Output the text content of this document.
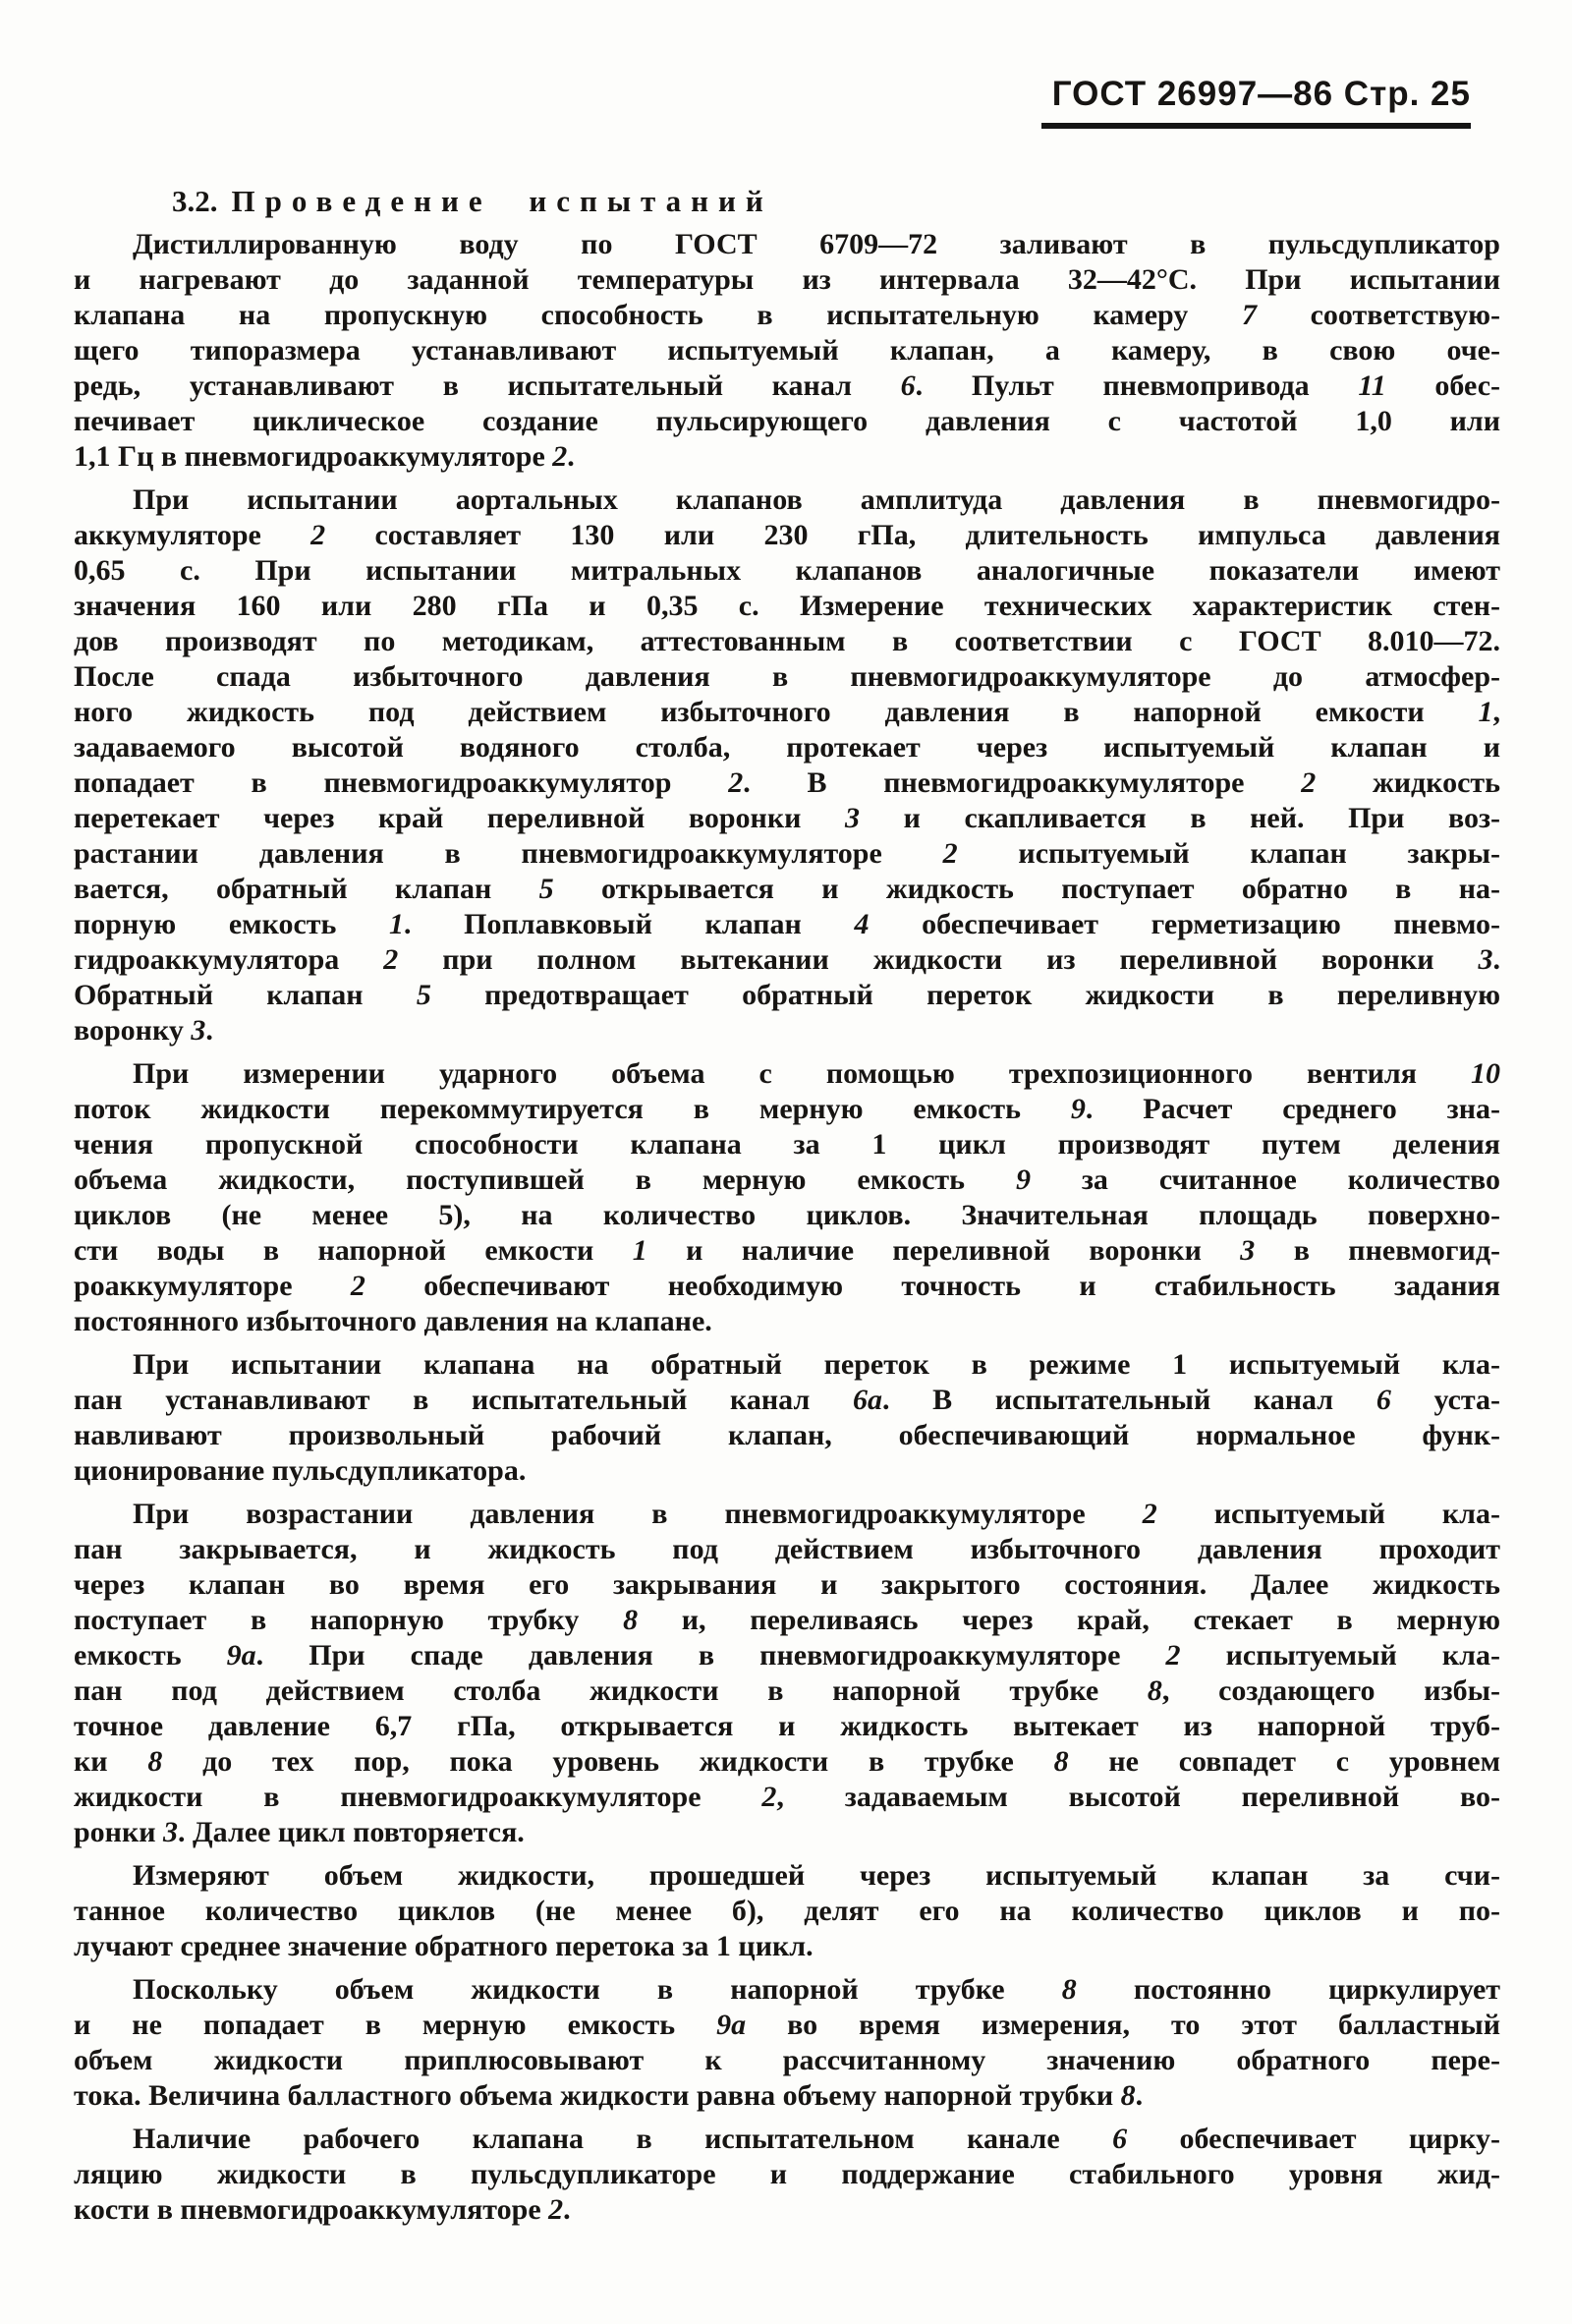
ГОСТ 26997—86 Стр. 25
3.2. Проведение испытаний
Дистиллированную воду по ГОСТ 6709—72 заливают в пульсдупликатор
и нагревают до заданной температуры из интервала 32—42°С. При испытании
клапана на пропускную способность в испытательную камеру 7 соответствую-
щего типоразмера устанавливают испытуемый клапан, а камеру, в свою оче-
редь, устанавливают в испытательный канал 6. Пульт пневмопривода 11 обес-
печивает циклическое создание пульсирующего давления с частотой 1,0 или
1,1 Гц в пневмогидроаккумуляторе 2.
При испытании аортальных клапанов амплитуда давления в пневмогидро-
аккумуляторе 2 составляет 130 или 230 гПа, длительность импульса давления
0,65 с. При испытании митральных клапанов аналогичные показатели имеют
значения 160 или 280 гПа и 0,35 с. Измерение технических характеристик стен-
дов производят по методикам, аттестованным в соответствии с ГОСТ 8.010—72.
После спада избыточного давления в пневмогидроаккумуляторе до атмосфер-
ного жидкость под действием избыточного давления в напорной емкости 1,
задаваемого высотой водяного столба, протекает через испытуемый клапан и
попадает в пневмогидроаккумулятор 2. В пневмогидроаккумуляторе 2 жидкость
перетекает через край переливной воронки 3 и скапливается в ней. При воз-
растании давления в пневмогидроаккумуляторе 2 испытуемый клапан закры-
вается, обратный клапан 5 открывается и жидкость поступает обратно в на-
порную емкость 1. Поплавковый клапан 4 обеспечивает герметизацию пневмо-
гидроаккумулятора 2 при полном вытекании жидкости из переливной воронки 3.
Обратный клапан 5 предотвращает обратный переток жидкости в переливную
воронку 3.
При измерении ударного объема с помощью трехпозиционного вентиля 10
поток жидкости перекоммутируется в мерную емкость 9. Расчет среднего зна-
чения пропускной способности клапана за 1 цикл производят путем деления
объема жидкости, поступившей в мерную емкость 9 за считанное количество
циклов (не менее 5), на количество циклов. Значительная площадь поверхно-
сти воды в напорной емкости 1 и наличие переливной воронки 3 в пневмогид-
роаккумуляторе 2 обеспечивают необходимую точность и стабильность задания
постоянного избыточного давления на клапане.
При испытании клапана на обратный переток в режиме 1 испытуемый кла-
пан устанавливают в испытательный канал 6а. В испытательный канал 6 уста-
навливают произвольный рабочий клапан, обеспечивающий нормальное функ-
ционирование пульсдупликатора.
При возрастании давления в пневмогидроаккумуляторе 2 испытуемый кла-
пан закрывается, и жидкость под действием избыточного давления проходит
через клапан во время его закрывания и закрытого состояния. Далее жидкость
поступает в напорную трубку 8 и, переливаясь через край, стекает в мерную
емкость 9а. При спаде давления в пневмогидроаккумуляторе 2 испытуемый кла-
пан под действием столба жидкости в напорной трубке 8, создающего избы-
точное давление 6,7 гПа, открывается и жидкость вытекает из напорной труб-
ки 8 до тех пор, пока уровень жидкости в трубке 8 не совпадет с уровнем
жидкости в пневмогидроаккумуляторе 2, задаваемым высотой переливной во-
ронки 3. Далее цикл повторяется.
Измеряют объем жидкости, прошедшей через испытуемый клапан за счи-
танное количество циклов (не менее б), делят его на количество циклов и по-
лучают среднее значение обратного перетока за 1 цикл.
Поскольку объем жидкости в напорной трубке 8 постоянно циркулирует
и не попадает в мерную емкость 9а во время измерения, то этот балластный
объем жидкости приплюсовывают к рассчитанному значению обратного пере-
тока. Величина балластного объема жидкости равна объему напорной трубки 8.
Наличие рабочего клапана в испытательном канале 6 обеспечивает цирку-
ляцию жидкости в пульсдупликаторе и поддержание стабильного уровня жид-
кости в пневмогидроаккумуляторе 2.
